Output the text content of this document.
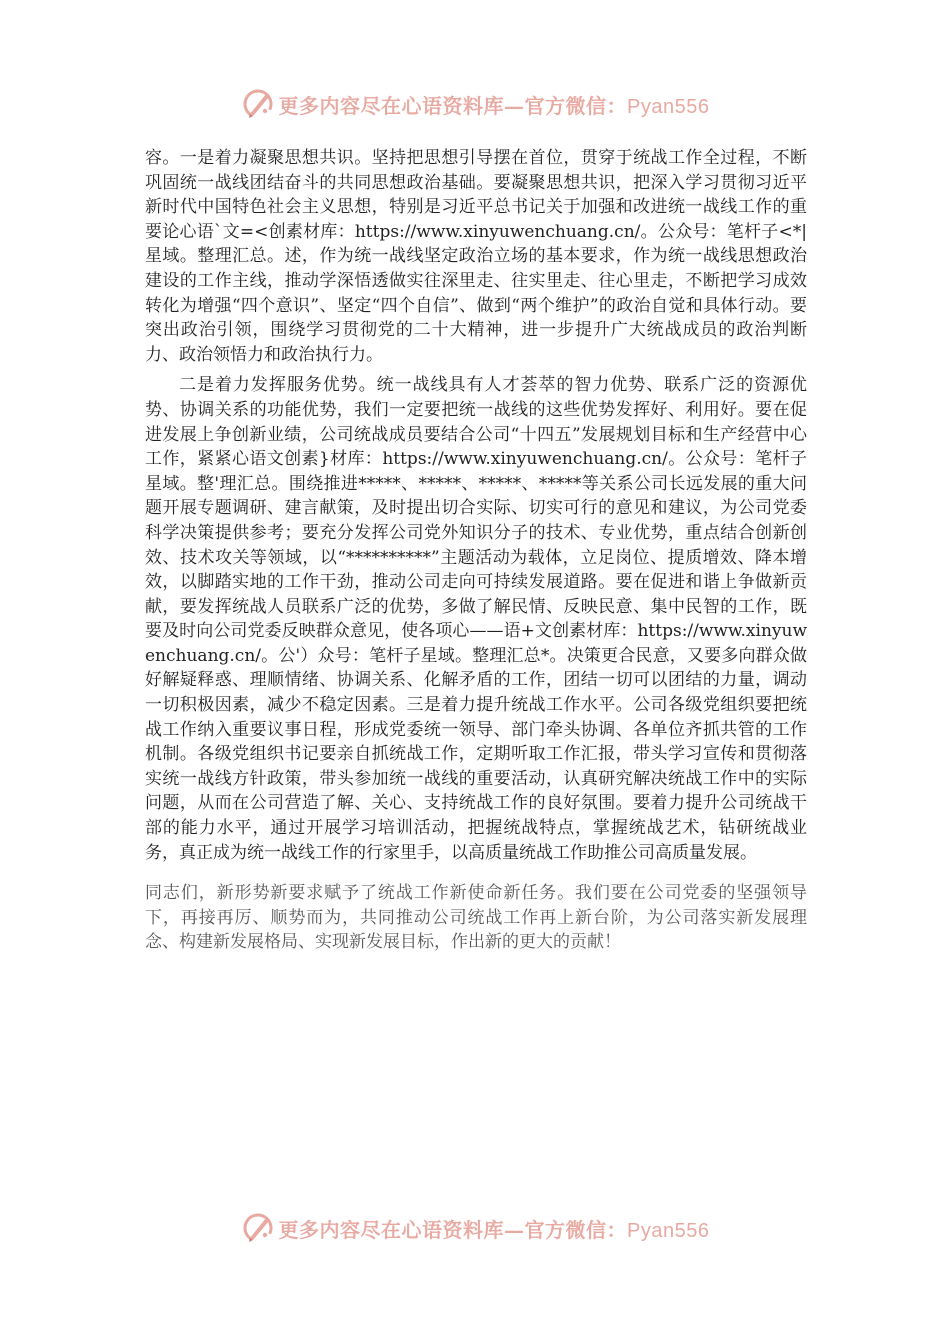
更多内容尽在心语资料库—官方微信：Pyan556

容。一是着力凝聚思想共识。坚持把思想引导摆在首位，贯穿于统战工作全过程，不断巩固统一战线团结奋斗的共同思想政治基础。要凝聚思想共识，把深入学习贯彻习近平新时代中国特色社会主义思想，特别是习近平总书记关于加强和改进统一战线工作的重要论心语`文=<创素材库：https://www.xinyuwenchuang.cn/。公众号：笔杆子<*|星域。整理汇总。述，作为统一战线坚定政治立场的基本要求，作为统一战线思想政治建设的工作主线，推动学深悟透做实往深里走、往实里走、往心里走，不断把学习成效转化为增强“四个意识”、坚定“四个自信”、做到“两个维护”的政治自觉和具体行动。要突出政治引领，围绕学习贯彻党的二十大精神，进一步提升广大统战成员的政治判断力、政治领悟力和政治执行力。

二是着力发挥服务优势。统一战线具有人才荟萃的智力优势、联系广泛的资源优势、协调关系的功能优势，我们一定要把统一战线的这些优势发挥好、利用好。要在促进发展上争创新业绩，公司统战成员要结合公司“十四五”发展规划目标和生产经营中心工作，紧紧心语文创素}材库：https://www.xinyuwenchuang.cn/。公众号：笔杆子星域。整'理汇总。围绕推进*****、*****、*****、*****等关系公司长远发展的重大问题开展专题调研、建言献策，及时提出切合实际、切实可行的意见和建议，为公司党委科学决策提供参考；要充分发挥公司党外知识分子的技术、专业优势，重点结合创新创效、技术攻关等领域，以“**********”主题活动为载体，立足岗位、提质增效、降本增效，以脚踏实地的工作干劲，推动公司走向可持续发展道路。要在促进和谐上争做新贡献，要发挥统战人员联系广泛的优势，多做了解民情、反映民意、集中民智的工作，既要及时向公司党委反映群众意见，使各项心——语+文创素材库：https://www.xinyuwenchuang.cn/。公'）众号：笔杆子星域。整理汇总*。决策更合民意，又要多向群众做好解疑释惑、理顺情绪、协调关系、化解矛盾的工作，团结一切可以团结的力量，调动一切积极因素，减少不稳定因素。三是着力提升统战工作水平。公司各级党组织要把统战工作纳入重要议事日程，形成党委统一领导、部门牵头协调、各单位齐抓共管的工作机制。各级党组织书记要亲自抓统战工作，定期听取工作汇报，带头学习宣传和贯彻落实统一战线方针政策，带头参加统一战线的重要活动，认真研究解决统战工作中的实际问题，从而在公司营造了解、关心、支持统战工作的良好氛围。要着力提升公司统战干部的能力水平，通过开展学习培训活动，把握统战特点，掌握统战艺术，钻研统战业务，真正成为统一战线工作的行家里手，以高质量统战工作助推公司高质量发展。

同志们，新形势新要求赋予了统战工作新使命新任务。我们要在公司党委的坚强领导下，再接再厉、顺势而为，共同推动公司统战工作再上新台阶，为公司落实新发展理念、构建新发展格局、实现新发展目标，作出新的更大的贡献！

更多内容尽在心语资料库—官方微信：Pyan556
